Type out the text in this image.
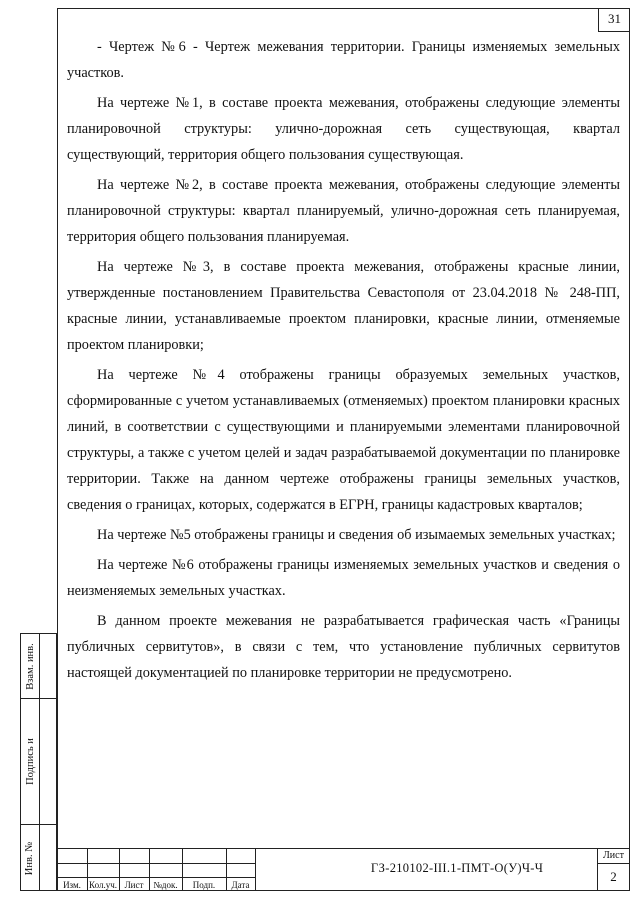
31

- Чертеж №6 - Чертеж межевания территории. Границы изменяемых земельных участков.

На чертеже №1, в составе проекта межевания, отображены следующие элементы планировочной структуры: улично-дорожная сеть существующая, квартал существующий, территория общего пользования существующая.

На чертеже №2, в составе проекта межевания, отображены следующие элементы планировочной структуры: квартал планируемый, улично-дорожная сеть планируемая, территория общего пользования планируемая.

На чертеже №3, в составе проекта межевания, отображены красные линии, утвержденные постановлением Правительства Севастополя от 23.04.2018 № 248-ПП, красные линии, устанавливаемые проектом планировки, красные линии, отменяемые проектом планировки;

На чертеже №4 отображены границы образуемых земельных участков, сформированные с учетом устанавливаемых (отменяемых) проектом планировки красных линий, в соответствии с существующими и планируемыми элементами планировочной структуры, а также с учетом целей и задач разрабатываемой документации по планировке территории. Также на данном чертеже отображены границы земельных участков, сведения о границах, которых, содержатся в ЕГРН, границы кадастровых кварталов;

На чертеже №5 отображены границы и сведения об изымаемых земельных участках;

На чертеже №6 отображены границы изменяемых земельных участков и сведения о неизменяемых земельных участках.

В данном проекте межевания не разрабатывается графическая часть «Границы публичных сервитутов», в связи с тем, что установление публичных сервитутов настоящей документацией по планировке территории не предусмотрено.

Взам. инв.
Подпись и
Инв. №
Изм. Кол.уч. Лист	№док.	Подп.	Дата
ГЗ-210102-III.1-ПМТ-О(У)Ч-Ч
Лист
2
